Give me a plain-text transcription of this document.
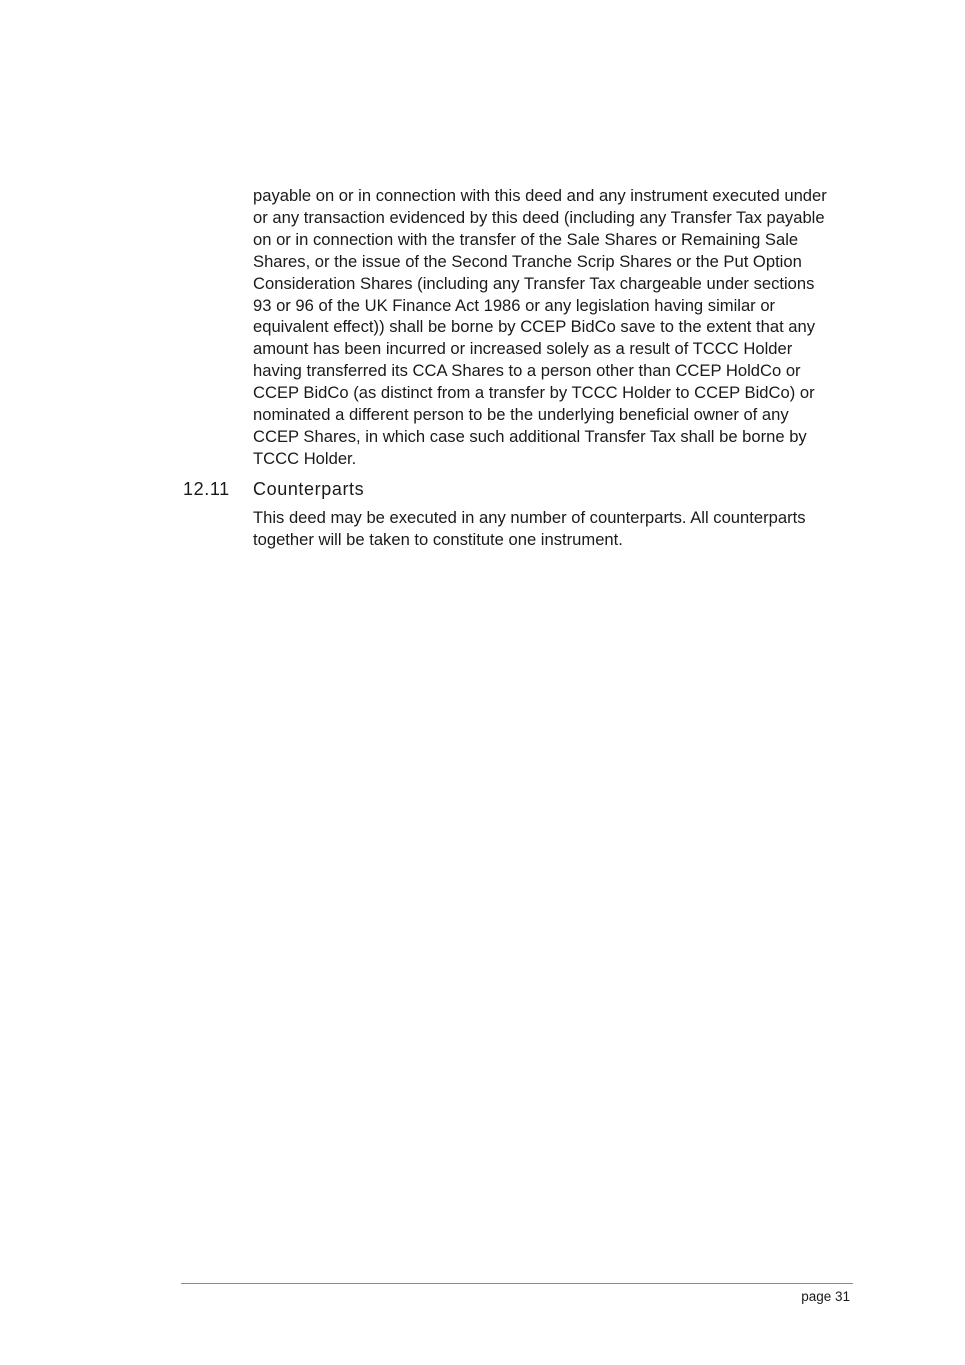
payable on or in connection with this deed and any instrument executed under
or any transaction evidenced by this deed (including any Transfer Tax payable
on or in connection with the transfer of the Sale Shares or Remaining Sale
Shares, or the issue of the Second Tranche Scrip Shares or the Put Option
Consideration Shares (including any Transfer Tax chargeable under sections
93 or 96 of the UK Finance Act 1986 or any legislation having similar or
equivalent effect)) shall be borne by CCEP BidCo save to the extent that any
amount has been incurred or increased solely as a result of TCCC Holder
having transferred its CCA Shares to a person other than CCEP HoldCo or
CCEP BidCo (as distinct from a transfer by TCCC Holder to CCEP BidCo) or
nominated a different person to be the underlying beneficial owner of any
CCEP Shares, in which case such additional Transfer Tax shall be borne by
TCCC Holder.

12.11 Counterparts

This deed may be executed in any number of counterparts. All counterparts
together will be taken to constitute one instrument.

page 31
